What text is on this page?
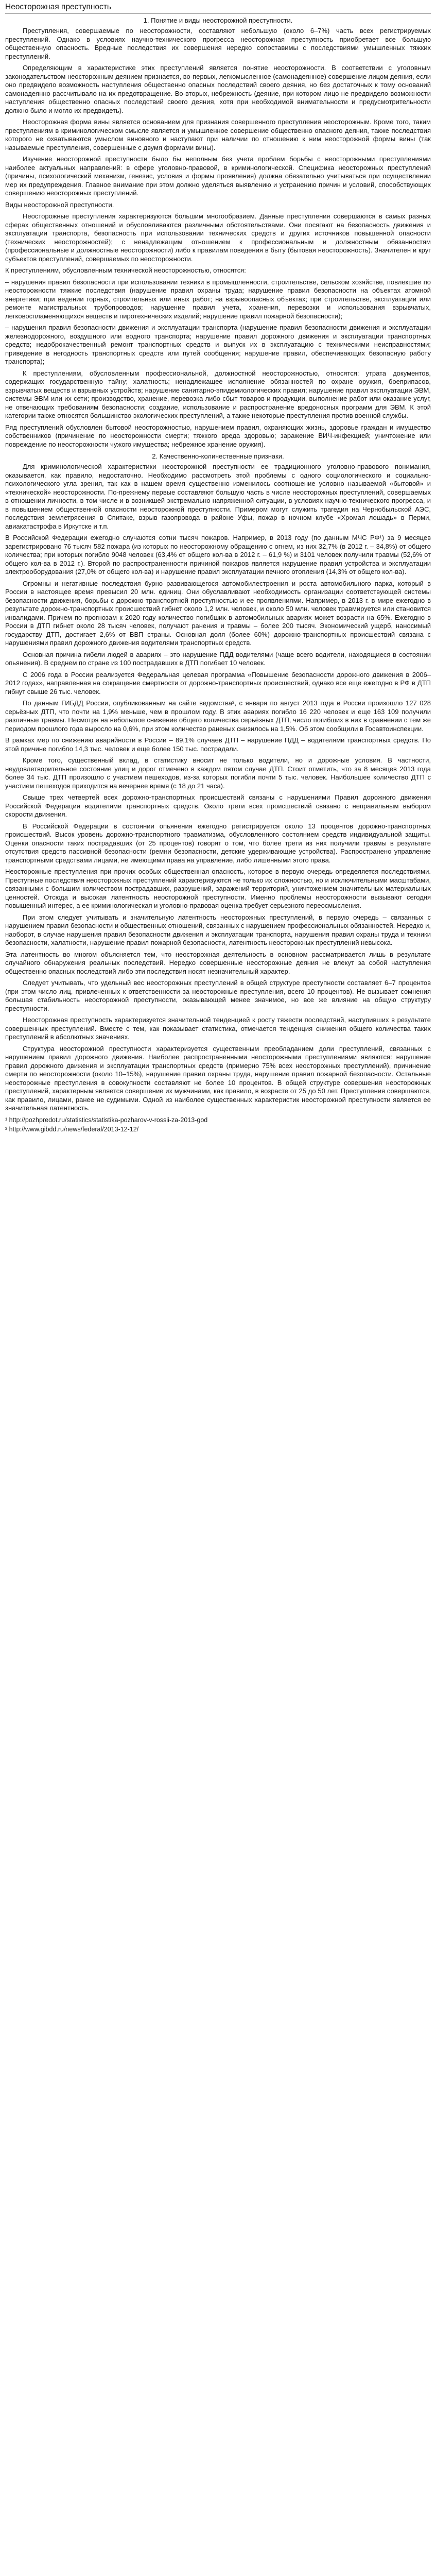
Неосторожная преступность
1. Понятие и виды неосторожной преступности.

Преступления, совершаемые по неосторожности, составляют небольшую (около 6–7%) часть всех регистрируемых преступлений. Однако в условиях научно-технического прогресса неосторожная преступность приобретает все большую общественную опасность. Вредные последствия их совершения нередко сопоставимы с последствиями умышленных тяжких преступлений.

Определяющим в характеристике этих преступлений является понятие неосторожности. В соответствии с уголовным законодательством неосторожным деянием признается, во-первых, легкомысленное (самонадеянное) совершение лицом деяния, если оно предвидело возможность наступления общественно опасных последствий своего деяния, но без достаточных к тому оснований самонадеянно рассчитывало на их предотвращение. Во-вторых, небрежность (деяние, при котором лицо не предвидело возможности наступления общественно опасных последствий своего деяния, хотя при необходимой внимательности и предусмотрительности должно было и могло их предвидеть).

Неосторожная форма вины является основанием для признания совершенного преступления неосторожным. Кроме того, таким преступлениям в криминологическом смысле является и умышленное совершение общественно опасного деяния, также последствия которого не охватываются умыслом виновного и наступают при наличии по отношению к ним неосторожной формы вины (так называемые преступления, совершенные с двумя формами вины).

Изучение неосторожной преступности было бы неполным без учета проблем борьбы с неосторожными преступлениями наиболее актуальных направлений: в сфере уголовно-правовой, в криминологической. Специфика неосторожных преступлений (причины, психологический механизм, генезис, условия и формы проявления) должна обязательно учитываться при осуществлении мер их предупреждения. Главное внимание при этом должно уделяться выявлению и устранению причин и условий, способствующих совершению неосторожных преступлений.

Виды неосторожной преступности.

Неосторожные преступления характеризуются большим многообразием. Данные преступления совершаются в самых разных сферах общественных отношений и обусловливаются различными обстоятельствами. Они посягают на безопасность движения и эксплуатации транспорта, безопасность при использовании технических средств и других источников повышенной опасности (технических неосторожностей); с ненадлежащим отношением к профессиональным и должностным обязанностям (профессиональные и должностные неосторожности) либо к правилам поведения в быту (бытовая неосторожность). Значителен и круг субъектов преступлений, совершаемых по неосторожности.

К преступлениям, обусловленным технической неосторожностью, относятся:

– нарушения правил безопасности при использовании техники в промышленности, строительстве, сельском хозяйстве, повлекшие по неосторожности тяжкие последствия (нарушение правил охраны труда; нарушение правил безопасности на объектах атомной энергетики; при ведении горных, строительных или иных работ; на взрывоопасных объектах; при строительстве, эксплуатации или ремонте магистральных трубопроводов; нарушение правил учета, хранения, перевозки и использования взрывчатых, легковоспламеняющихся веществ и пиротехнических изделий; нарушение правил пожарной безопасности);

– нарушения правил безопасности движения и эксплуатации транспорта (нарушение правил безопасности движения и эксплуатации железнодорожного, воздушного или водного транспорта; нарушение правил дорожного движения и эксплуатации транспортных средств; недоброкачественный ремонт транспортных средств и выпуск их в эксплуатацию с техническими неисправностями; приведение в негодность транспортных средств или путей сообщения; нарушение правил, обеспечивающих безопасную работу транспорта);

К преступлениям, обусловленным профессиональной, должностной неосторожностью, относятся: утрата документов, содержащих государственную тайну; халатность; ненадлежащее исполнение обязанностей по охране оружия, боеприпасов, взрывчатых веществ и взрывных устройств; нарушение санитарно-эпидемиологических правил; нарушение правил эксплуатации ЭВМ, системы ЭВМ или их сети; производство, хранение, перевозка либо сбыт товаров и продукции, выполнение работ или оказание услуг, не отвечающих требованиям безопасности; создание, использование и распространение вредоносных программ для ЭВМ. К этой категории также относятся большинство экологических преступлений, а также некоторые преступления против военной службы.

Ряд преступлений обусловлен бытовой неосторожностью, нарушением правил, охраняющих жизнь, здоровье граждан и имущество собственников (причинение по неосторожности смерти; тяжкого вреда здоровью; заражение ВИЧ-инфекцией; уничтожение или повреждение по неосторожности чужого имущества; небрежное хранение оружия).

2. Качественно-количественные признаки.

Для криминологической характеристики неосторожной преступности ее традиционного уголовно-правового понимания, оказывается, как правило, недостаточно. Необходимо рассмотреть этой проблемы с одного социологического и социально-психологического угла зрения, так как в нашем время существенно изменилось соотношение условно называемой «бытовой» и «технической» неосторожности. По-прежнему первые составляют большую часть в числе неосторожных преступлений, совершаемых в отношении личности, в том числе и в возникшей экстремально напряженной ситуации, в условиях научно-технического прогресса, и в повышением общественной опасности неосторожной преступности. Примером могут служить трагедия на Чернобыльской АЭС, последствия землетрясения в Спитаке, взрыв газопровода в районе Уфы, пожар в ночном клубе «Хромая лошадь» в Перми, авиакатастрофа в Иркутске и т.п.

В Российской Федерации ежегодно случаются сотни тысяч пожаров. Например, в 2013 году (по данным МЧС РФ¹) за 9 месяцев зарегистрировано 76 тысяч 582 пожара (из которых по неосторожному обращению с огнем, из них 32,7% (в 2012 г. – 34,8%) от общего количества; при которых погибло 9048 человек (63,4% от общего кол-ва в 2012 г. – 61,9 %) и 3101 человек получили травмы (52,6% от общего кол-ва в 2012 г.). Второй по распространенности причиной пожаров является нарушение правил устройства и эксплуатации электрооборудования (27,0% от общего кол-ва) и нарушение правил эксплуатации печного отопления (14,3% от общего кол-ва).

Огромны и негативные последствия бурно развивающегося автомобилестроения и роста автомобильного парка, который в России в настоящее время превысил 20 млн. единиц. Они обуславливают необходимость организации соответствующей системы безопасности движения, борьбы с дорожно-транспортной преступностью и ее проявлениями. Например, в 2013 г. в мире ежегодно в результате дорожно-транспортных происшествий гибнет около 1,2 млн. человек, и около 50 млн. человек травмируется или становится инвалидами. Причем по прогнозам к 2020 году количество погибших в автомобильных авариях может возрасти на 65%. Ежегодно в России в ДТП гибнет около 28 тысяч человек, получают ранения и травмы – более 200 тысяч. Экономический ущерб, наносимый государству ДТП, достигает 2,6% от ВВП страны. Основная доля (более 60%) дорожно-транспортных происшествий связана с нарушениями правил дорожного движения водителями транспортных средств.

Основная причина гибели людей в авариях – это нарушение ПДД водителями (чаще всего водители, находящиеся в состоянии опьянения). В среднем по стране из 100 пострадавших в ДТП погибает 10 человек.

С 2006 года в России реализуется Федеральная целевая программа «Повышение безопасности дорожного движения в 2006–2012 годах», направленная на сокращение смертности от дорожно-транспортных происшествий, однако все еще ежегодно в РФ в ДТП гибнут свыше 26 тыс. человек.

По данным ГИБДД России, опубликованным на сайте ведомства², с января по август 2013 года в России произошло 127 028 серьёзных ДТП, что почти на 1,9% меньше, чем в прошлом году. В этих авариях погибло 16 220 человек и еще 163 109 получили различные травмы. Несмотря на небольшое снижение общего количества серьёзных ДТП, число погибших в них в сравнении с тем же периодом прошлого года выросло на 0,6%, при этом количество раненых снизилось на 1,5%. Об этом сообщили в Госавтоинспекции.

В рамках мер по снижению аварийности в России – 89,1% случаев ДТП – нарушение ПДД – водителями транспортных средств. По этой причине погибло 14,3 тыс. человек и еще более 150 тыс. пострадали.

Кроме того, существенный вклад, в статистику вносит не только водители, но и дорожные условия. В частности, неудовлетворительное состояние улиц и дорог отмечено в каждом пятом случае ДТП. Стоит отметить, что за 8 месяцев 2013 года более 34 тыс. ДТП произошло с участием пешеходов, из-за которых погибли почти 5 тыс. человек. Наибольшее количество ДТП с участием пешеходов приходится на вечернее время (с 18 до 21 часа).

Свыше трех четвертей всех дорожно-транспортных происшествий связаны с нарушениями Правил дорожного движения Российской Федерации водителями транспортных средств. Около трети всех происшествий связано с неправильным выбором скорости движения.

В Российской Федерации в состоянии опьянения ежегодно регистрируется около 13 процентов дорожно-транспортных происшествий. Высок уровень дорожно-транспортного травматизма, обусловленного состоянием средств индивидуальной защиты. Оценки опасности таких пострадавших (от 25 процентов) говорят о том, что более трети из них получили травмы в результате отсутствия средств пассивной безопасности (ремни безопасности, детские удерживающие устройства). Распространено управление транспортными средствами лицами, не имеющими права на управление, либо лишенными этого права.

Неосторожные преступления при прочих особых общественная опасность, которое в первую очередь определяется последствиями. Преступные последствия неосторожных преступлений характеризуются не только их сложностью, но и исключительными масштабами, связанными с большим количеством пострадавших, разрушений, заражений территорий, уничтожением значительных материальных ценностей. Отсюда и высокая латентность неосторожной преступности. Именно проблемы неосторожности вызывают сегодня повышенный интерес, а ее криминологическая и уголовно-правовая оценка требует серьезного переосмысления.

При этом следует учитывать и значительную латентность неосторожных преступлений, в первую очередь – связанных с нарушением правил безопасности и общественных отношений, связанных с нарушением профессиональных обязанностей. Нередко и, наоборот, в случае нарушения правил безопасности движения и эксплуатации транспорта, нарушения правил охраны труда и техники безопасности, халатности, нарушение правил пожарной безопасности, латентность неосторожных преступлений невысока.

Эта латентность во многом объясняется тем, что неосторожная деятельность в основном рассматривается лишь в результате случайного обнаружения реальных последствий. Нередко совершенные неосторожные деяния не влекут за собой наступления общественно опасных последствий либо эти последствия носят незначительный характер.

Следует учитывать, что удельный вес неосторожных преступлений в общей структуре преступности составляет 6–7 процентов (при этом число лиц, привлеченных к ответственности за неосторожные преступления, всего 10 процентов). Не вызывает сомнения большая стабильность неосторожной преступности, оказывающей менее значимое, но все же влияние на общую структуру преступности.

Неосторожная преступность характеризуется значительной тенденцией к росту тяжести последствий, наступивших в результате совершенных преступлений. Вместе с тем, как показывает статистика, отмечается тенденция снижения общего количества таких преступлений в абсолютных значениях.

Структура неосторожной преступности характеризуется существенным преобладанием доли преступлений, связанных с нарушением правил дорожного движения. Наиболее распространенными неосторожными преступлениями являются: нарушение правил дорожного движения и эксплуатации транспортных средств (примерно 75% всех неосторожных преступлений), причинение смерти по неосторожности (около 10–15%), нарушение правил охраны труда, нарушение правил пожарной безопасности. Остальные неосторожные преступления в совокупности составляют не более 10 процентов. В общей структуре совершения неосторожных преступлений, характерным является совершение их мужчинами, как правило, в возрасте от 25 до 50 лет. Преступления совершаются, как правило, лицами, ранее не судимыми. Одной из наиболее существенных характеристик неосторожной преступности является ее значительная латентность.

¹ http://pozhpredot.ru/statistics/statistika-pozharov-v-rossii-za-2013-god

² http://www.gibdd.ru/news/federal/2013-12-12/
